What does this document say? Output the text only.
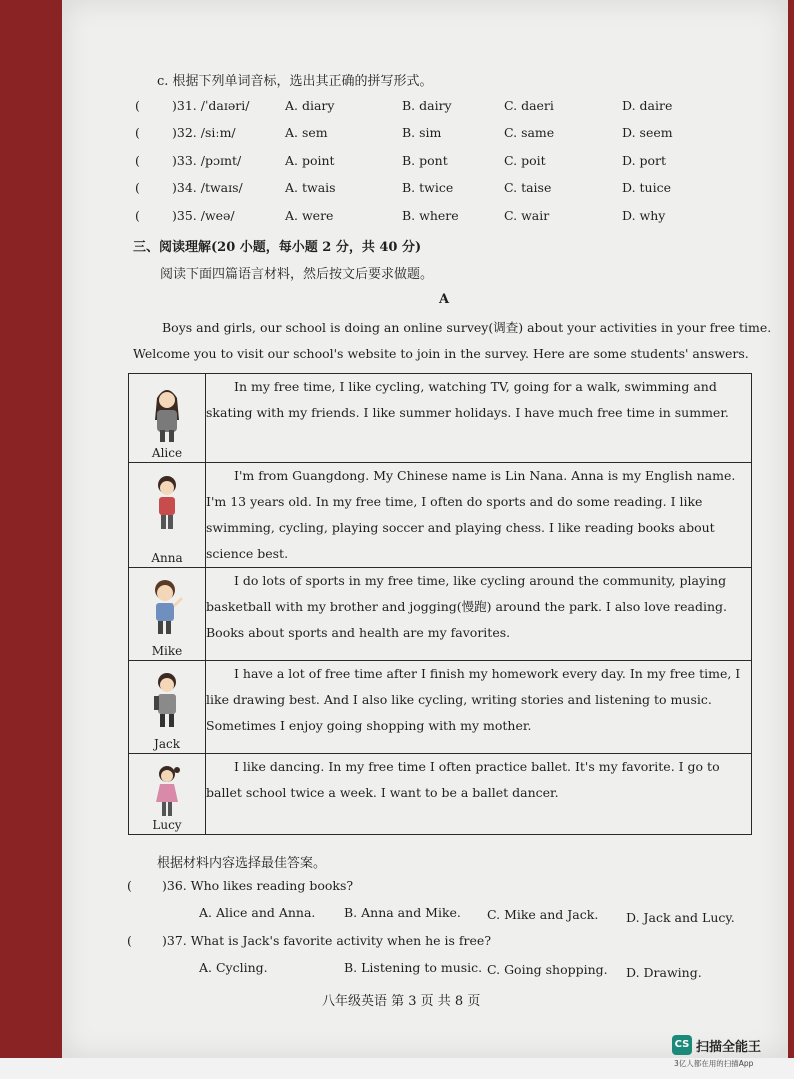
c. 根据下列单词音标，选出其正确的拼写形式。
(	)31. /ˈdaɪəri/	A. diary	B. dairy	C. daeri	D. daire
(	)32. /siːm/	A. sem	B. sim	C. same	D. seem
(	)33. /pɔɪnt/	A. point	B. pont	C. poit	D. port
(	)34. /twaɪs/	A. twais	B. twice	C. taise	D. tuice
(	)35. /weə/	A. were	B. where	C. wair	D. why
三、阅读理解(20 小题，每小题 2 分，共 40 分)
阅读下面四篇语言材料，然后按文后要求做题。
A
Boys and girls, our school is doing an online survey(调查) about your activities in your free time.
Welcome you to visit our school's website to join in the survey. Here are some students' answers.
Alice	In my free time, I like cycling, watching TV, going for a walk, swimming and skating with my friends. I like summer holidays. I have much free time in summer.

Anna	I'm from Guangdong. My Chinese name is Lin Nana. Anna is my English name. I'm 13 years old. In my free time, I often do sports and do some reading. I like swimming, cycling, playing soccer and playing chess. I like reading books about science best.

Mike	I do lots of sports in my free time, like cycling around the community, playing basketball with my brother and jogging(慢跑) around the park. I also love reading. Books about sports and health are my favorites.

Jack	I have a lot of free time after I finish my homework every day. In my free time, I like drawing best. And I also like cycling, writing stories and listening to music. Sometimes I enjoy going shopping with my mother.

Lucy	I like dancing. In my free time I often practice ballet. It's my favorite. I go to ballet school twice a week. I want to be a ballet dancer.
根据材料内容选择最佳答案。
( )36. Who likes reading books?
A. Alice and Anna. B. Anna and Mike. C. Mike and Jack. D. Jack and Lucy.
( )37. What is Jack's favorite activity when he is free?
A. Cycling.	B. Listening to music. C. Going shopping. D. Drawing.
八年级英语 第 3 页 共 8 页
CS 扫描全能王
3亿人都在用的扫描App
